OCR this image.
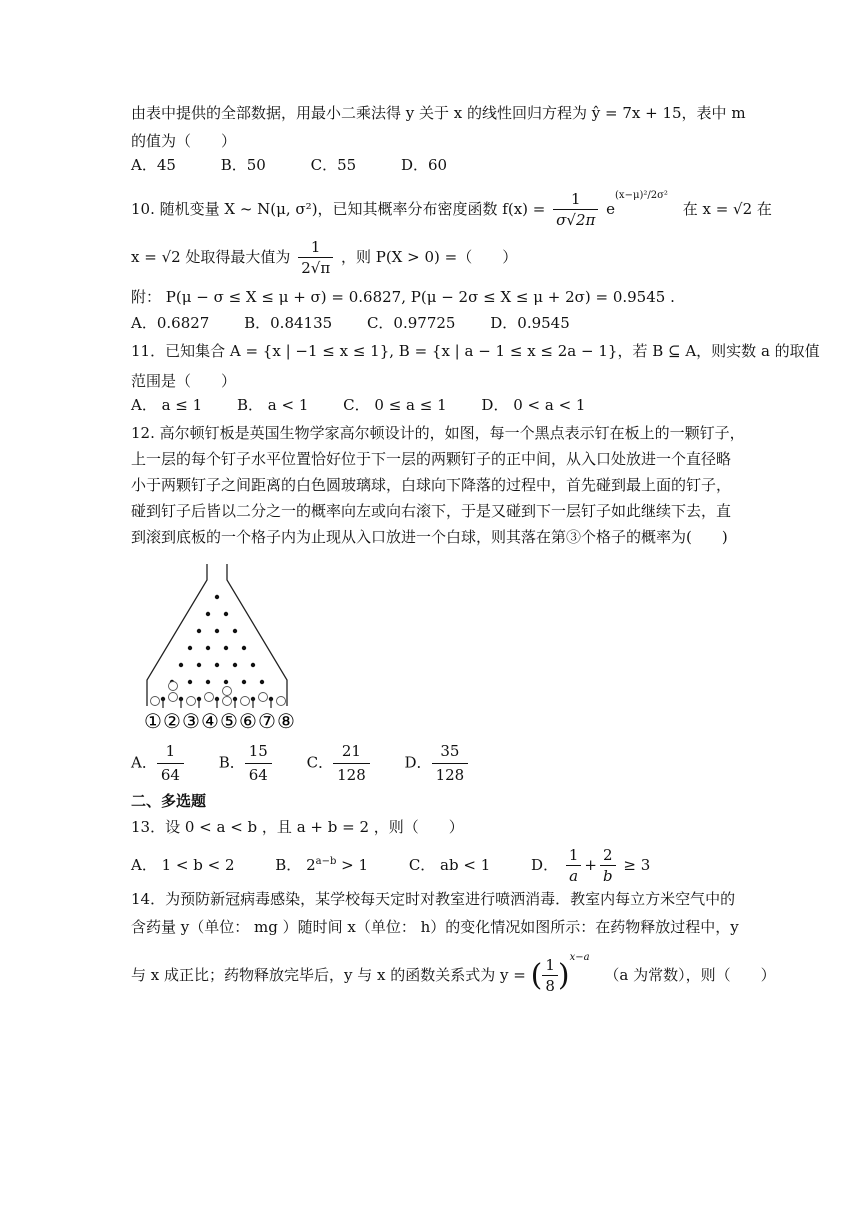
由表中提供的全部数据，用最小二乘法得 y 关于 x 的线性回归方程为 ŷ = 7x + 15，表中 m
的值为（　　）
A．45	B．50	C．55	D．60
10. 随机变量 X ~ N(μ, σ²)，已知其概率分布密度函数 $f(x) = \frac{1}{\sigma√2\pi} e^{(x-\mu)^2/2\sigma^2}$ 在 x = √2 在
x = √2 处取得最大值为 $\frac{1}{2√\pi}$ ，则 P(X > 0) =（　　）
附： P(μ − σ ≤ X ≤ μ + σ) = 0.6827, P(μ − 2σ ≤ X ≤ μ + 2σ) = 0.9545 .
A．0.6827 B．0.84135 C．0.97725 D．0.9545
11．已知集合 A = {x | −1 ≤ x ≤ 1}, B = {x | a − 1 ≤ x ≤ 2a − 1}，若 B ⊆ A，则实数 a 的取值
范围是（　　）
A． a ≤ 1 B． a < 1 C． 0 ≤ a ≤ 1 D． 0 < a < 1
12. 高尔顿钉板是英国生物学家高尔顿设计的，如图，每一个黑点表示钉在板上的一颗钉子，
上一层的每个钉子水平位置恰好位于下一层的两颗钉子的正中间，从入口处放进一个直径略
小于两颗钉子之间距离的白色圆玻璃球，白球向下降落的过程中，首先碰到最上面的钉子，
碰到钉子后皆以二分之一的概率向左或向右滚下，于是又碰到下一层钉子如此继续下去，直
到滚到底板的一个格子内为止现从入口放进一个白球，则其落在第③个格子的概率为(　　)
① ② ③ ④ ⑤ ⑥ ⑦ ⑧
A． $\frac{1}{64}$ B． $\frac{15}{64}$ C． $\frac{21}{128}$ D． $\frac{35}{128}$
二、多选题
13．设 0 < a < b ，且 a + b = 2 ，则（　　）
A． 1 < b < 2	B． $2^{a-b} > 1$	C． ab < 1	D． $\frac{1}{a} + \frac{2}{b} \ge 3$
14．为预防新冠病毒感染，某学校每天定时对教室进行喷洒消毒．教室内每立方米空气中的
含药量 y（单位： mg ）随时间 x（单位： h）的变化情况如图所示：在药物释放过程中，y
与 x 成正比；药物释放完毕后，y 与 x 的函数关系式为 y = ( $\frac{1}{8} )^{x-a}$ （a 为常数），则（　　）
